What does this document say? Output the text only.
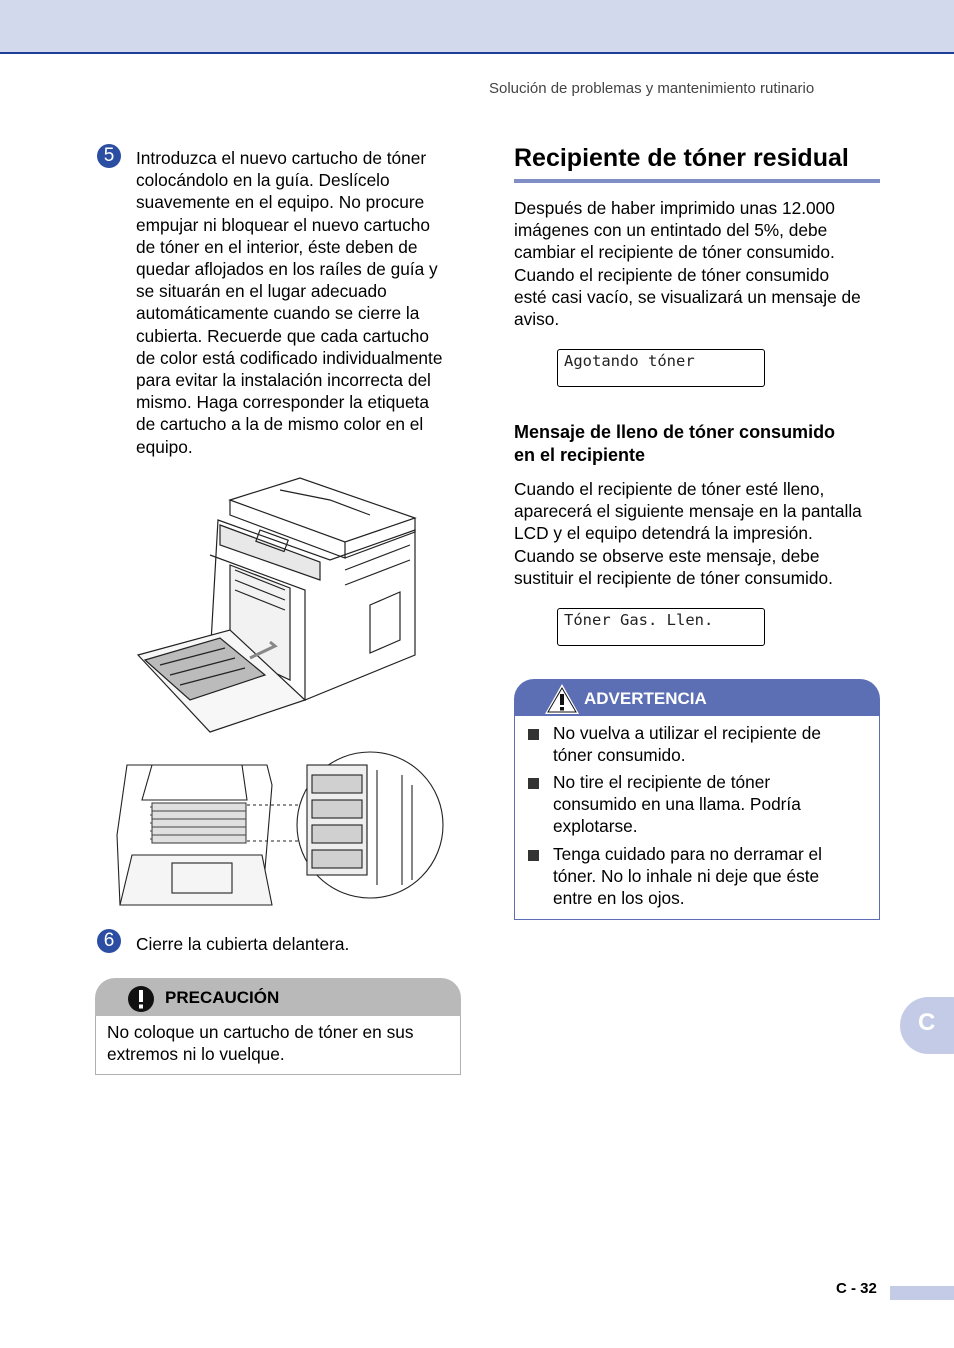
Solución de problemas y mantenimiento rutinario
5	Introduzca el nuevo cartucho de tóner
colocándolo en la guía. Deslícelo
suavemente en el equipo. No procure
empujar ni bloquear el nuevo cartucho
de tóner en el interior, éste deben de
quedar aflojados en los raíles de guía y
se situarán en el lugar adecuado
automáticamente cuando se cierre la
cubierta. Recuerde que cada cartucho
de color está codificado individualmente
para evitar la instalación incorrecta del
mismo. Haga corresponder la etiqueta
de cartucho a la de mismo color en el
equipo.
6	Cierre la cubierta delantera.
PRECAUCIÓN
No coloque un cartucho de tóner en sus
extremos ni lo vuelque.
Recipiente de tóner residual
Después de haber imprimido unas 12.000
imágenes con un entintado del 5%, debe
cambiar el recipiente de tóner consumido.
Cuando el recipiente de tóner consumido
esté casi vacío, se visualizará un mensaje de
aviso.
Agotando tóner
Mensaje de lleno de tóner consumido
en el recipiente
Cuando el recipiente de tóner esté lleno,
aparecerá el siguiente mensaje en la pantalla
LCD y el equipo detendrá la impresión.
Cuando se observe este mensaje, debe
sustituir el recipiente de tóner consumido.
Tóner Gas. Llen.
ADVERTENCIA
No vuelva a utilizar el recipiente de
tóner consumido.
No tire el recipiente de tóner
consumido en una llama. Podría
explotarse.
Tenga cuidado para no derramar el
tóner. No lo inhale ni deje que éste
entre en los ojos.
C
C - 32
